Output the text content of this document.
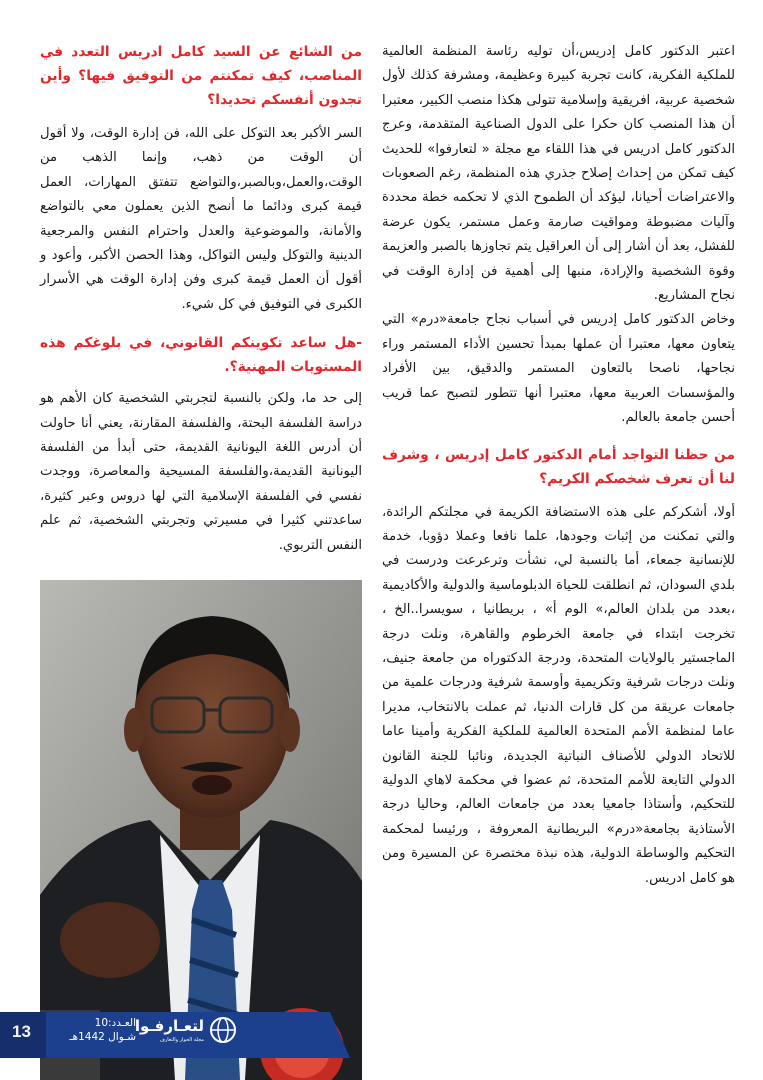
اعتبر الدكتور كامل إدريس،أن توليه رئاسة المنظمة العالمية للملكية الفكرية، كانت تجربة كبيرة وعظيمة، ومشرفة كذلك لأول شخصية عربية، افريقية وإسلامية تتولى هكذا منصب الكبير، معتبرا أن هذا المنصب كان حكرا على الدول الصناعية المتقدمة، وعرج الدكتور كامل ادريس في هذا اللقاء مع مجلة « لتعارفوا» للحديث كيف تمكن من إحداث إصلاح جذري هذه المنظمة، رغم الصعوبات والاعتراضات أحيانا، ليؤكد أن الطموح الذي لا تحكمه خطة محددة وآليات مضبوطة ومواقيت صارمة وعمل مستمر، يكون عرضة للفشل، بعد أن أشار إلى أن العراقيل يتم تجاوزها بالصبر والعزيمة وقوة الشخصية والإرادة، منبها إلى أهمية فن إدارة الوقت في نجاح المشاريع.

وخاض الدكتور كامل إدريس في أسباب نجاح جامعة«درم» التي يتعاون معها، معتبرا أن عملها بمبدأ تحسين الأداء المستمر وراء نجاحها، ناصحا بالتعاون المستمر والدقيق، بين الأفراد والمؤسسات العربية معها، معتبرا أنها تتطور لتصبح عما قريب أحسن جامعة بالعالم.

من حظنا التواجد أمام الدكتور كامل إدريس ، وشرف لنا أن تعرف شخصكم الكريم؟

أولا، أشكركم على هذه الاستضافة الكريمة في مجلتكم الرائدة، والتي تمكنت من إثبات وجودها، علما نافعا وعملا دؤوبا، خدمة للإنسانية جمعاء، أما بالنسبة لي، نشأت وترعرعت ودرست في بلدي السودان، ثم انطلقت للحياة الدبلوماسية والدولية والأكاديمية ،بعدد من بلدان العالم،» الوم أ» ، بريطانيا ، سويسرا..الخ ، تخرجت ابتداء في جامعة الخرطوم والقاهرة، ونلت درجة الماجستير بالولايات المتحدة، ودرجة الدكتوراه من جامعة جنيف، ونلت درجات شرفية وتكريمية وأوسمة شرفية ودرجات علمية من جامعات عريقة من كل قارات الدنيا، ثم عملت بالانتخاب، مديرا عاما لمنظمة الأمم المتحدة العالمية للملكية الفكرية وأمينا عاما للاتحاد الدولي للأصناف النباتية الجديدة، ونائبا للجنة القانون الدولي التابعة للأمم المتحدة، ثم عضوا في محكمة لاهاي الدولية للتحكيم، وأستاذا جامعيا بعدد من جامعات العالم، وحاليا درجة الأستاذية بجامعة«درم» البريطانية المعروفة ، ورئيسا لمحكمة التحكيم والوساطة الدولية، هذه نبذة مختصرة عن المسيرة ومن هو كامل ادريس.

من الشائع عن السيد كامل ادريس التعدد في المناصب، كيف تمكنتم من التوفيق فيها؟ وأين تجدون أنفسكم تحديدا؟

السر الأكبر بعد التوكل على الله، فن إدارة الوقت، ولا أقول أن الوقت من ذهب، وإنما الذهب من الوقت،والعمل،وبالصبر،والتواضع تتفتق المهارات، العمل قيمة كبرى ودائما ما أنصح الذين يعملون معي بالتواضع والأمانة، والموضوعية والعدل واحترام النفس والمرجعية الدينية والتوكل وليس التواكل، وهذا الحصن الأكبر، وأعود و أقول أن العمل قيمة كبرى وفن إدارة الوقت هي الأسرار الكبرى في التوفيق في كل شيء.

-هل ساعد تكوينكم القانوني، في بلوغكم هذه المستويات المهنية؟.

إلى حد ما، ولكن بالنسبة لتجربتي الشخصية كان الأهم هو دراسة الفلسفة البحتة، والفلسفة المقارنة، يعني أنا حاولت أن أدرس اللغة اليونانية القديمة، حتى أبدأ من الفلسفة اليونانية القديمة،والفلسفة المسيحية والمعاصرة، ووجدت نفسي في الفلسفة الإسلامية التي لها دروس وعبر كثيرة، ساعدتني كثيرا في مسيرتي وتجربتي الشخصية، ثم علم النفس التربوي.

13	العـدد:10
شـوال 1442هـ
لتعـارفـوا
مجلة الحوار والتعارف
